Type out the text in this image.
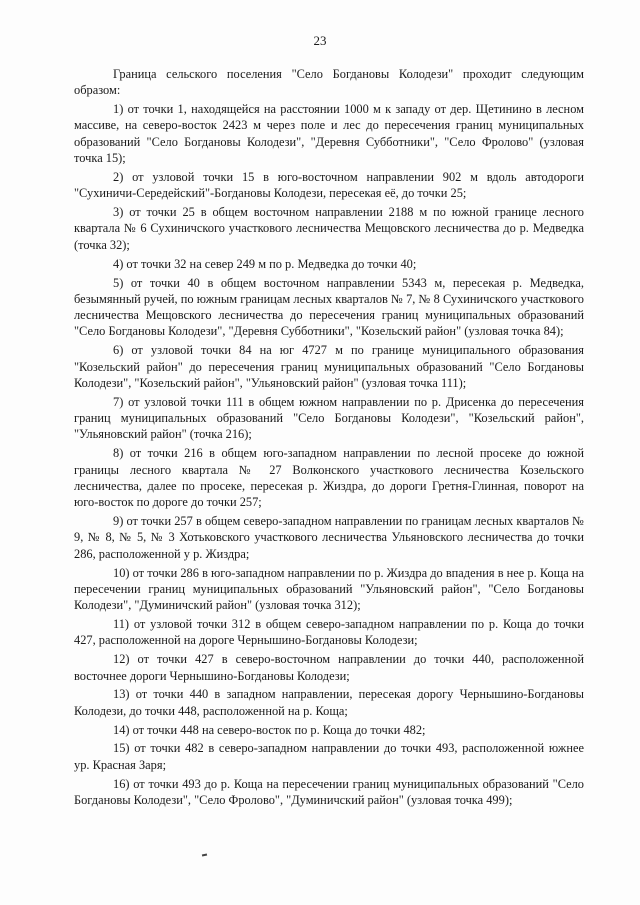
23

Граница сельского поселения "Село Богдановы Колодези" проходит следующим образом:

1) от точки 1, находящейся на расстоянии 1000 м к западу от дер. Щетинино в лесном массиве, на северо-восток 2423 м через поле и лес до пересечения границ муниципальных образований "Село Богдановы Колодези", "Деревня Субботники", "Село Фролово" (узловая точка 15);

2) от узловой точки 15 в юго-восточном направлении 902 м вдоль автодороги "Сухиничи-Середейский"-Богдановы Колодези, пересекая её, до точки 25;

3) от точки 25 в общем восточном направлении 2188 м по южной границе лесного квартала № 6 Сухиничского участкового лесничества Мещовского лесничества до р. Медведка (точка 32);

4) от точки 32 на север 249 м по р. Медведка до точки 40;

5) от точки 40 в общем восточном направлении 5343 м, пересекая р. Медведка, безымянный ручей, по южным границам лесных кварталов № 7, № 8 Сухиничского участкового лесничества Мещовского лесничества до пересечения границ муниципальных образований "Село Богдановы Колодези", "Деревня Субботники", "Козельский район" (узловая точка 84);

6) от узловой точки 84 на юг 4727 м по границе муниципального образования "Козельский район" до пересечения границ муниципальных образований "Село Богдановы Колодези", "Козельский район", "Ульяновский район" (узловая точка 111);

7) от узловой точки 111 в общем южном направлении по р. Дрисенка до пересечения границ муниципальных образований "Село Богдановы Колодези", "Козельский район", "Ульяновский район" (точка 216);

8) от точки 216 в общем юго-западном направлении по лесной просеке до южной границы лесного квартала № 27 Волконского участкового лесничества Козельского лесничества, далее по просеке, пересекая р. Жиздра, до дороги Гретня-Глинная, поворот на юго-восток по дороге до точки 257;

9) от точки 257 в общем северо-западном направлении по границам лесных кварталов № 9, № 8, № 5, № 3 Хотьковского участкового лесничества Ульяновского лесничества до точки 286, расположенной у р. Жиздра;

10) от точки 286 в юго-западном направлении по р. Жиздра до впадения в нее р. Коща на пересечении границ муниципальных образований "Ульяновский район", "Село Богдановы Колодези", "Думиничский район" (узловая точка 312);

11) от узловой точки 312 в общем северо-западном направлении по р. Коща до точки 427, расположенной на дороге Чернышино-Богдановы Колодези;

12) от точки 427 в северо-восточном направлении до точки 440, расположенной восточнее дороги Чернышино-Богдановы Колодези;

13) от точки 440 в западном направлении, пересекая дорогу Чернышино-Богдановы Колодези, до точки 448, расположенной на р. Коща;

14) от точки 448 на северо-восток по р. Коща до точки 482;

15) от точки 482 в северо-западном направлении до точки 493, расположенной южнее ур. Красная Заря;

16) от точки 493 до р. Коща на пересечении границ муниципальных образований "Село Богдановы Колодези", "Село Фролово", "Думиничский район" (узловая точка 499);
